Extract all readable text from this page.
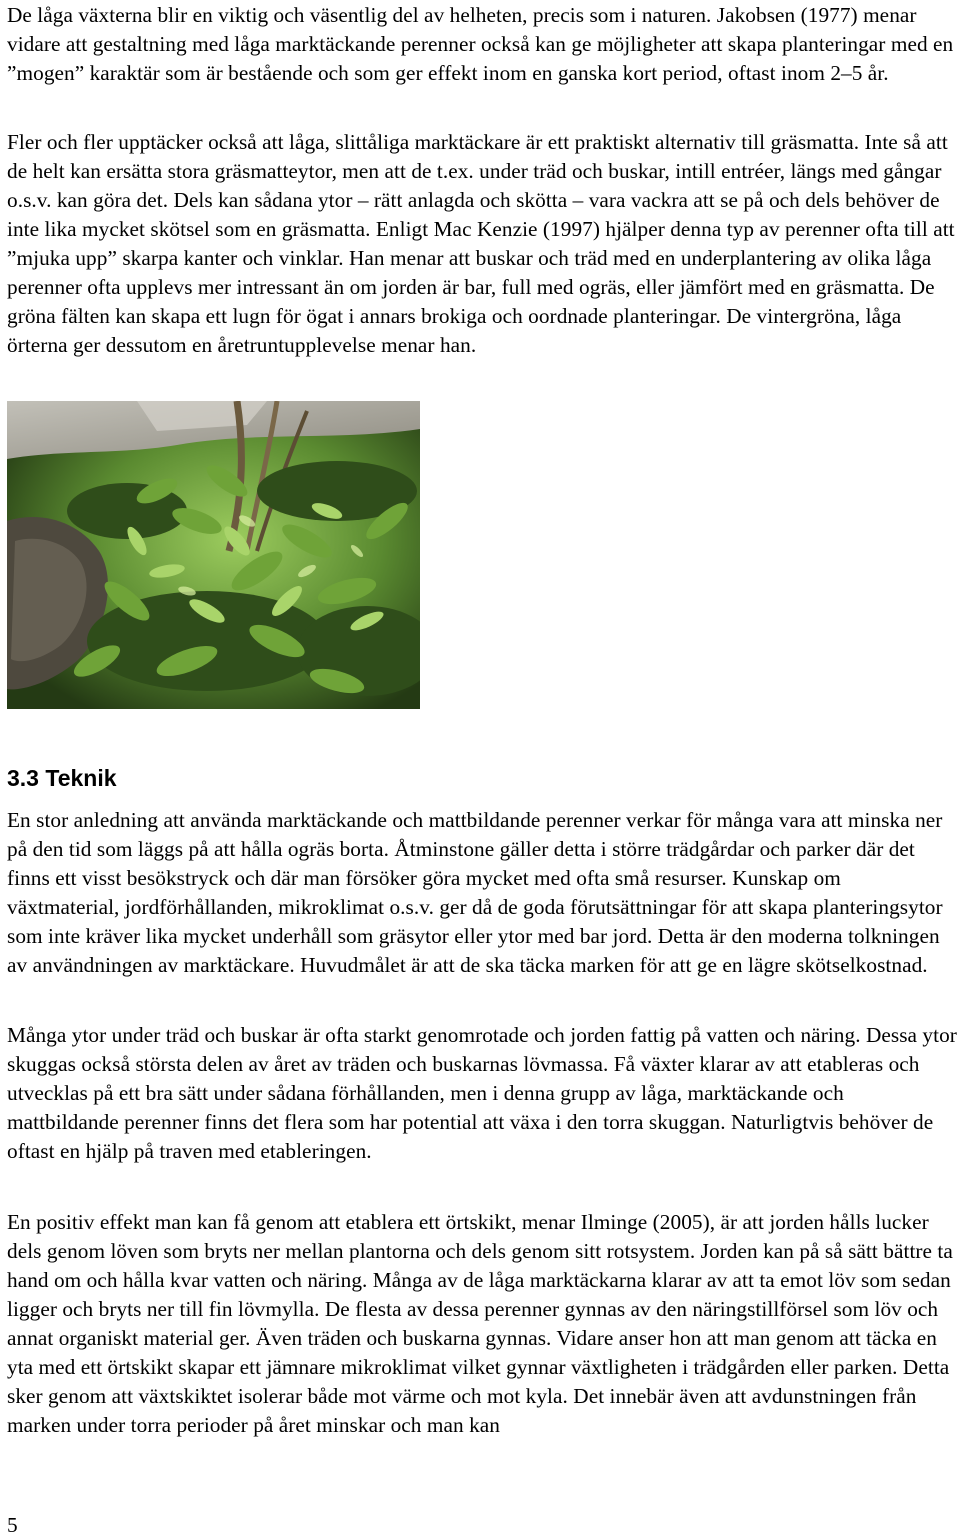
De låga växterna blir en viktig och väsentlig del av helheten, precis som i naturen. Jakobsen (1977) menar vidare att gestaltning med låga marktäckande perenner också kan ge möjligheter att skapa planteringar med en ”mogen” karaktär som är bestående och som ger effekt inom en ganska kort period, oftast inom 2–5 år.

Fler och fler upptäcker också att låga, slittåliga marktäckare är ett praktiskt alternativ till gräsmatta. Inte så att de helt kan ersätta stora gräsmatteytor, men att de t.ex. under träd och buskar, intill entréer, längs med gångar o.s.v. kan göra det. Dels kan sådana ytor – rätt anlagda och skötta – vara vackra att se på och dels behöver de inte lika mycket skötsel som en gräsmatta. Enligt Mac Kenzie (1997) hjälper denna typ av perenner ofta till att ”mjuka upp” skarpa kanter och vinklar. Han menar att buskar och träd med en underplantering av olika låga perenner ofta upplevs mer intressant än om jorden är bar, full med ogräs, eller jämfört med en gräsmatta. De gröna fälten kan skapa ett lugn för ögat i annars brokiga och oordnade planteringar. De vintergröna, låga örterna ger dessutom en åretruntupplevelse menar han.

3.3 Teknik

En stor anledning att använda marktäckande och mattbildande perenner verkar för många vara att minska ner på den tid som läggs på att hålla ogräs borta. Åtminstone gäller detta i större trädgårdar och parker där det finns ett visst besökstryck och där man försöker göra mycket med ofta små resurser. Kunskap om växtmaterial, jordförhållanden, mikroklimat o.s.v. ger då de goda förutsättningar för att skapa planteringsytor som inte kräver lika mycket underhåll som gräsytor eller ytor med bar jord. Detta är den moderna tolkningen av användningen av marktäckare. Huvudmålet är att de ska täcka marken för att ge en lägre skötselkostnad.

Många ytor under träd och buskar är ofta starkt genomrotade och jorden fattig på vatten och näring. Dessa ytor skuggas också största delen av året av träden och buskarnas lövmassa. Få växter klarar av att etableras och utvecklas på ett bra sätt under sådana förhållanden, men i denna grupp av låga, marktäckande och mattbildande perenner finns det flera som har potential att växa i den torra skuggan. Naturligtvis behöver de oftast en hjälp på traven med etableringen.

En positiv effekt man kan få genom att etablera ett örtskikt, menar Ilminge (2005), är att jorden hålls lucker dels genom löven som bryts ner mellan plantorna och dels genom sitt rotsystem. Jorden kan på så sätt bättre ta hand om och hålla kvar vatten och näring. Många av de låga marktäckarna klarar av att ta emot löv som sedan ligger och bryts ner till fin lövmylla. De flesta av dessa perenner gynnas av den näringstillförsel som löv och annat organiskt material ger. Även träden och buskarna gynnas. Vidare anser hon att man genom att täcka en yta med ett örtskikt skapar ett jämnare mikroklimat vilket gynnar växtligheten i trädgården eller parken. Detta sker genom att växtskiktet isolerar både mot värme och mot kyla. Det innebär även att avdunstningen från marken under torra perioder på året minskar och man kan

5
